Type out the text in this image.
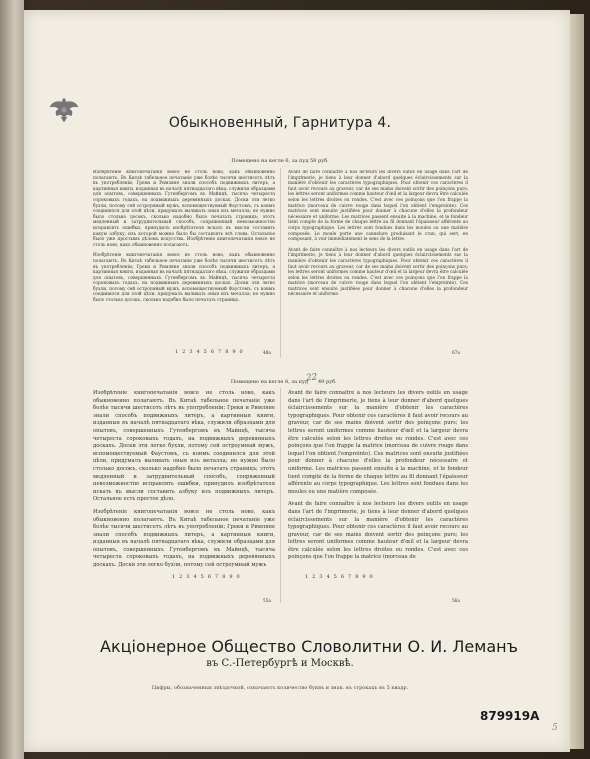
Обыкновенный, Гарнитура 4.
Помещено на кегле 6, за пуд 58 руб.
Изобрѣтеніе книгопечатанія вовсе не столь ново, какъ обыкновенно полагаютъ. Въ Китаѣ табельное печатаніе уже болѣе тысячи шестисотъ лѣтъ въ употребленіи; Греки и Римляне знали способъ подвижныхъ литеръ, а картинныя книги, изданныя въ началѣ пятнадцатаго вѣка, служили образцами для опытовъ, совершенныхъ Гутенбергомъ въ Майнцѣ, тысяча четыреста сороковыхъ годахъ, на подвижныхъ деревянныхъ досках. Доски эти легко бухли, потому сей остроумный мужъ, вспомоществуемый Фаустомъ, съ коимъ соединился для этой цѣли, придумалъ выливать оныя изъ металла; но нужно было столько досокъ, сколько надобно было печатать страницъ; этотъ медленный и затруднительный способъ, сопряженный невозможностію исправлять ошибки, принудилъ изобрѣтателя искать въ мысли составить какую азбуку, изъ которой можно было бы составлять всѣ слова. Остальное было уже простымъ дѣломъ искусства. Изобрѣтеніе книгопечатанія вовсе не столь ново, какъ обыкновенно полагаютъ.
Изобрѣтеніе книгопечатанія вовсе не столь ново, какъ обыкновенно полагаютъ. Въ Китаѣ табельное печатаніе уже болѣе тысячи шестисотъ лѣтъ въ употребленіи; Греки и Римляне знали способъ подвижныхъ литеръ, а картинныя книги, изданныя въ началѣ пятнадцатаго вѣка, служили образцами для опытовъ, совершенныхъ Гутенбергомъ въ Майнцѣ, тысяча четыреста сороковыхъ годахъ, на подвижныхъ деревянныхъ досках. Доски эти легко бухли, потому сей остроумный мужъ, вспомоществуемый Фаустомъ, съ коимъ соединился для этой цѣли, придумалъ выливать оныя изъ металла; но нужно было столько досокъ, сколько надобно было печатать страницъ.
1 2 3 4 5 6 7 8 9 0	48a
Avant de faire connaître à nos lecteurs les divers outils en usage dans l'art de l'imprimerie, je tiens à leur donner d'abord quelques éclaircissements sur la manière d'obtenir les caractères typographiques. Pour obtenir ces caractères il faut avoir recours au graveur, car de ses mains doivent sortir des poinçons purs; les lettres seront uniformes comme hauteur d'œil et la largeur devra être calculée selon les lettres droites ou rondes. C'est avec ces poinçons que l'on frappe la matrice (morceau de cuivre rouge dans lequel l'on obtient l'empreinte). Ces matrices sont ensuite justifiées pour donner à chacune d'elles la profondeur nécessaire et uniforme. Les matrices passent ensuite à la machine, et le fondeur tient compte de la forme de chaque lettre au fil donnant l'épaisseur afférente au corps typographique. Les lettres sont fondues dans les moules ou une matière composée. Le moule porte une cannelure produisant le cran, qui sert, en composant, à voir immédiatement le sens de la lettre.
Avant de faire connaître à nos lecteurs les divers outils en usage dans l'art de l'imprimerie, je tiens à leur donner d'abord quelques éclaircissements sur la manière d'obtenir les caractères typographiques. Pour obtenir ces caractères il faut avoir recours au graveur, car de ses mains doivent sortir des poinçons purs; les lettres seront uniformes comme hauteur d'œil et la largeur devra être calculée selon les lettres droites ou rondes. C'est avec ces poinçons que l'on frappe la matrice (morceau de cuivre rouge dans lequel l'on obtient l'empreinte). Ces matrices sont ensuite justifiées pour donner à chacune d'elles la profondeur nécessaire et uniforme.
67a
Помещено на кегле 8, за пуд
22 49 руб.
Изобрѣтеніе книгопечатанія вовсе не столь ново, какъ обыкновенно полагаютъ. Въ Китаѣ табельное печатаніе уже болѣе тысячи шестисотъ лѣтъ въ употребленіи; Греки и Римляне знали способъ подвижныхъ литеръ, а картинныя книги, изданныя въ началѣ пятнадцатаго вѣка, служили образцами для опытовъ, совершенныхъ Гутенбергомъ въ Майнцѣ, тысяча четыреста сороковыхъ годахъ, на подвижныхъ деревянныхъ доскахъ. Доски эти легко бухли, потому сей остроумный мужъ, вспомоществуемый Фаустомъ, съ коимъ соединился для этой цѣли, придумалъ выливать оныя изъ металла; но нужно было столько досокъ, сколько надобно было печатать страницъ; этотъ медленный и затруднительный способъ, сопряженный невозможностію исправлять ошибки, принудилъ изобрѣтателя искать въ мысли составить азбуку изъ подвижныхъ литеръ. Остальное есть простое дѣло.
Изобрѣтеніе книгопечатанія вовсе не столь ново, какъ обыкновенно полагаютъ. Въ Китаѣ табельное печатаніе уже болѣе тысячи шестисотъ лѣтъ въ употребленіи; Греки и Римляне знали способъ подвижныхъ литеръ, а картинныя книги, изданныя въ началѣ пятнадцатаго вѣка, служили образцами для опытовъ, совершенныхъ Гутенбергомъ въ Майнцѣ, тысяча четыреста сороковыхъ годахъ, на подвижныхъ деревянныхъ доскахъ. Доски эти легко бухли, потому сей остроумный мужъ
1 2 3 4 5 6 7 8 9 0
55a
Avant de faire connaître à nos lecteurs les divers outils en usage dans l'art de l'imprimerie, je tiens à leur donner d'abord quelques éclaircissements sur la manière d'obtenir les caractères typographiques. Pour obtenir ces caractères il faut avoir recours au graveur, car de ses mains doivent sortir des poinçons purs; les lettres seront uniformes comme hauteur d'œil et la largeur devra être calculée selon les lettres droites ou rondes. C'est avec ces poinçons que l'on frappe la matrice (morceau de cuivre rouge dans lequel l'on obtient l'empreinte). Ces matrices sont ensuite justifiées pour donner à chacune d'elles la profondeur nécessaire et uniforme. Les matrices passent ensuite à la machine, et le fondeur tient compte de la forme de chaque lettre au fil donnant l'épaisseur afférente au corps typographique. Les lettres sont fondues dans les moules ou une matière composée.
Avant de faire connaître à nos lecteurs les divers outils en usage dans l'art de l'imprimerie, je tiens à leur donner d'abord quelques éclaircissements sur la manière d'obtenir les caractères typographiques. Pour obtenir ces caractères il faut avoir recours au graveur, car de ses mains doivent sortir des poinçons purs; les lettres seront uniformes comme hauteur d'œil et la largeur devra être calculée selon les lettres droites ou rondes. C'est avec ces poinçons que l'on frappe la matrice (morceau de
1 2 3 4 5 6 7 8 9 0
56a
Акціонерное Общество Словолитни О. И. Леманъ
въ С.-Петербургѣ и Москвѣ.
Цифры, обозначенныя звѣздочкой, означаютъ количество буквъ и знак. въ строкахъ въ 5 квадр.
879919A
5
